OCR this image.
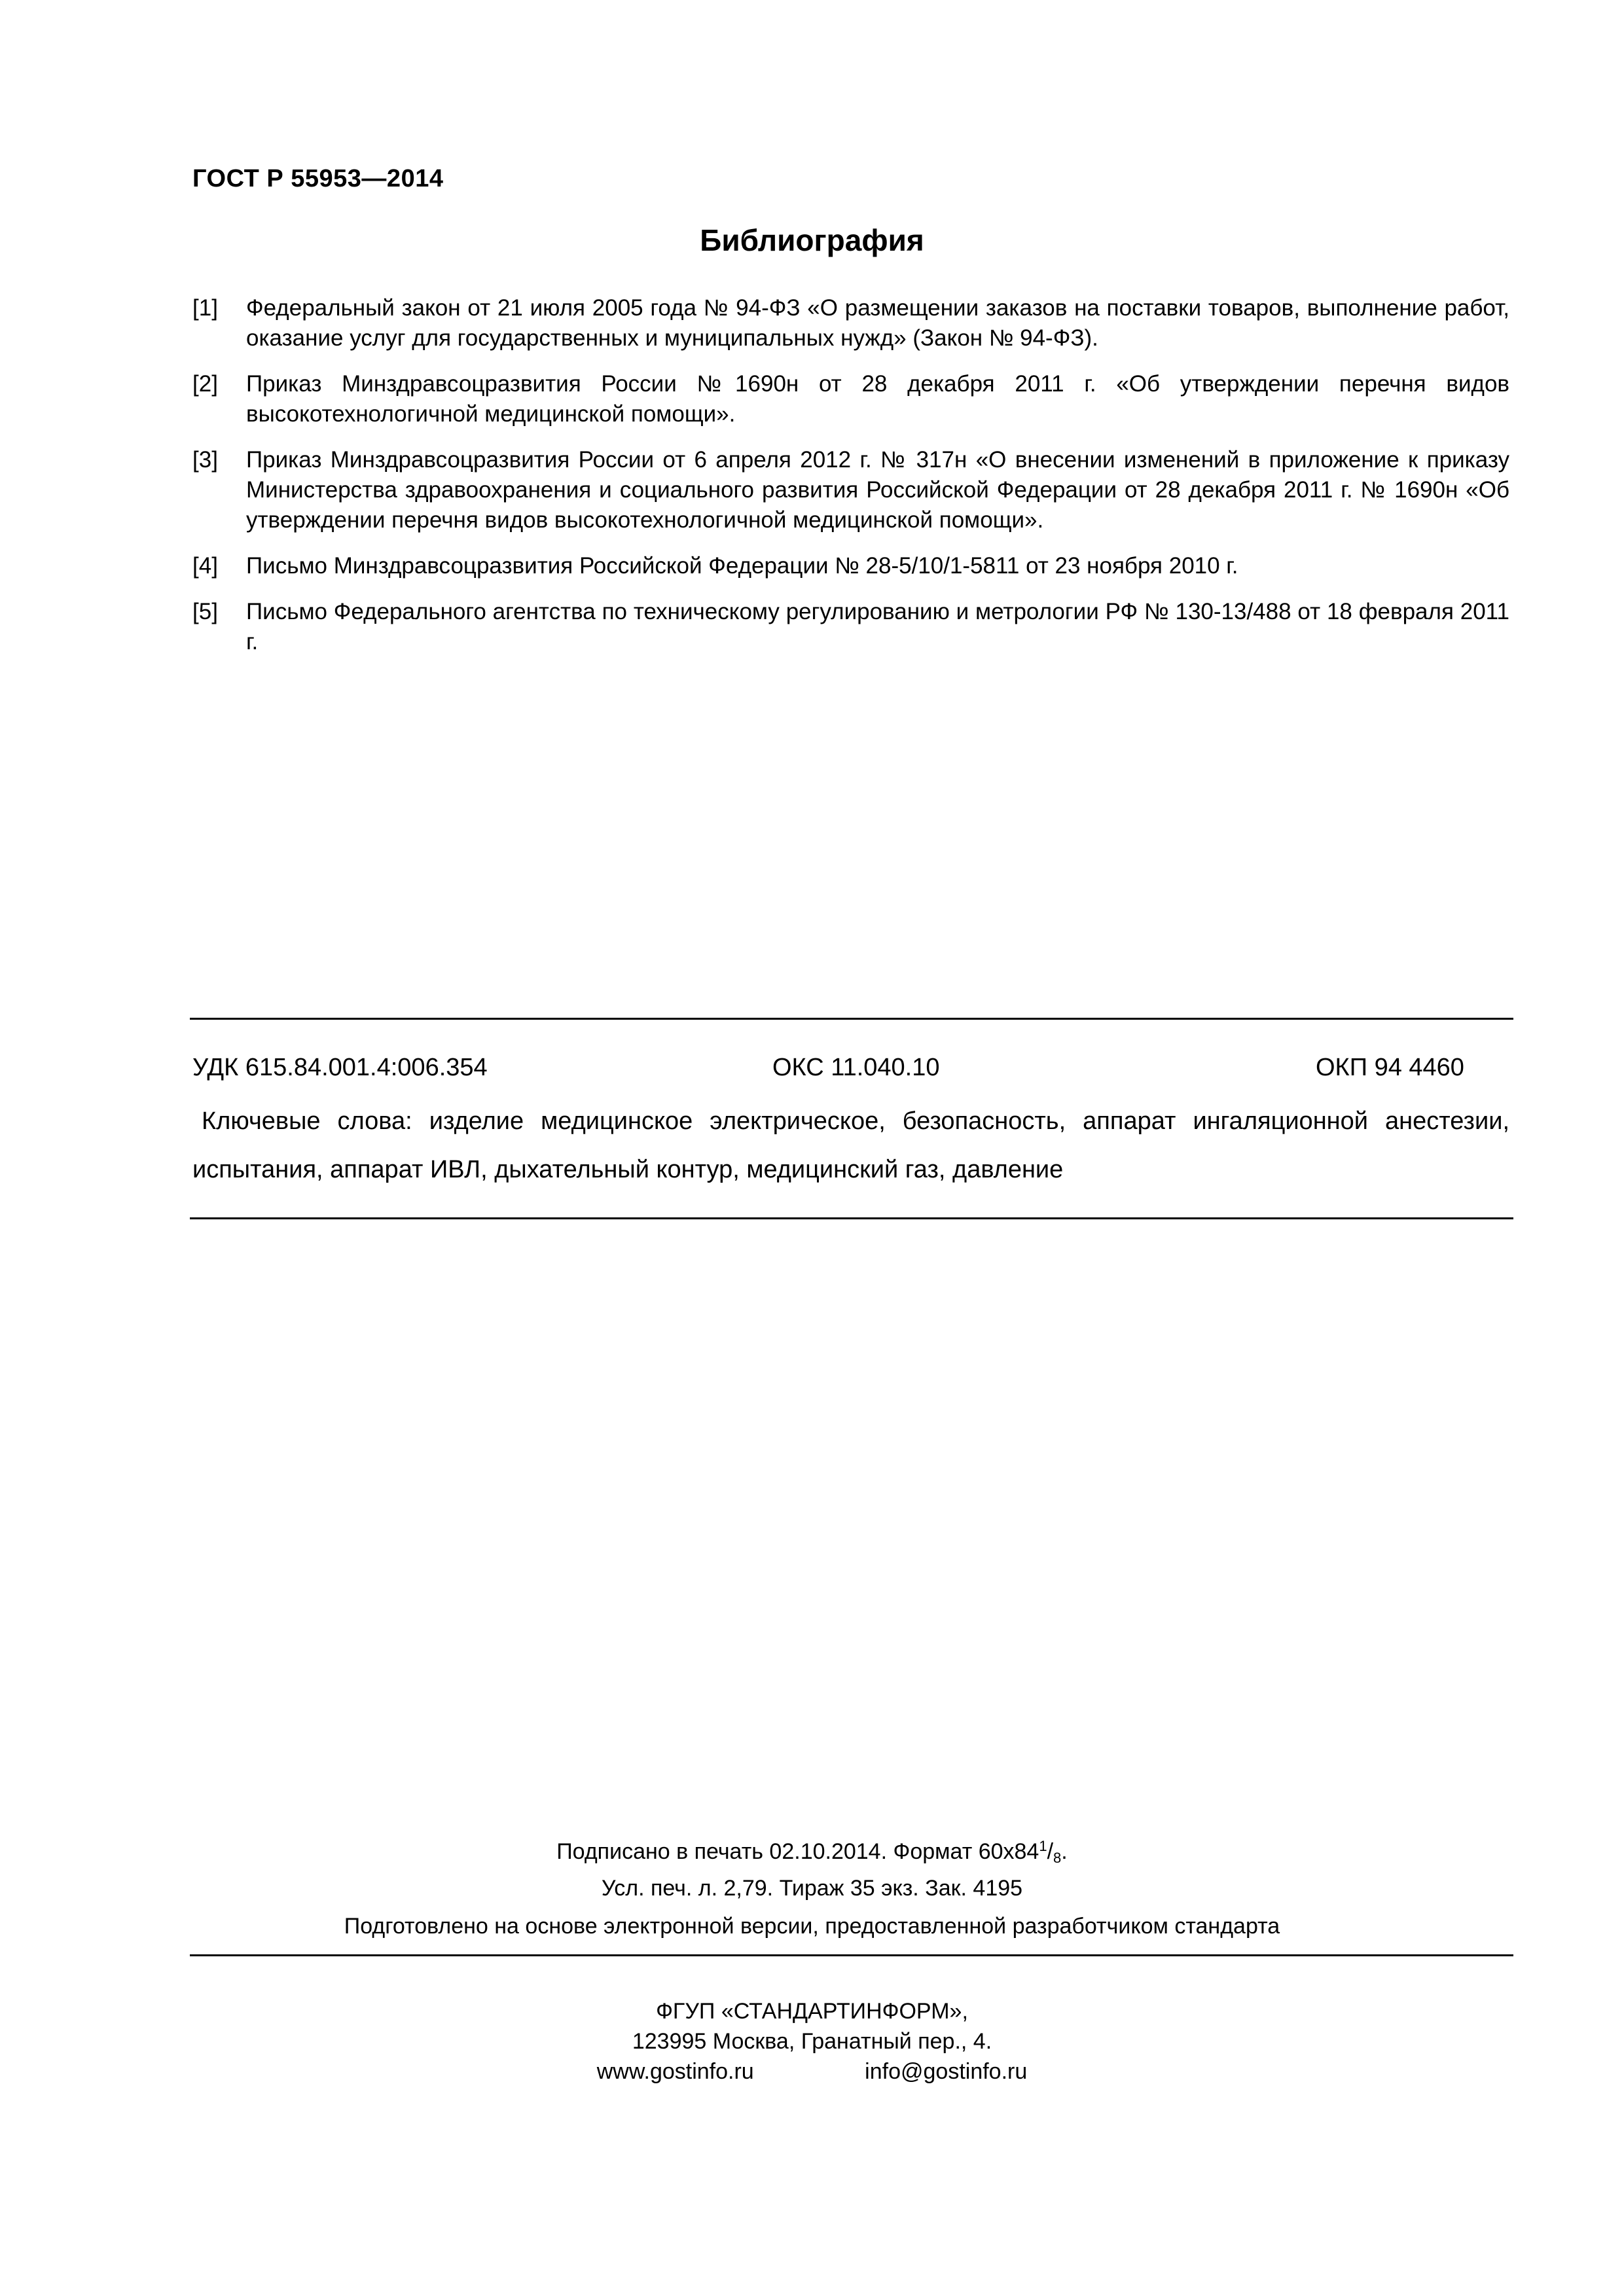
ГОСТ Р 55953—2014
Библиография
[1]	Федеральный закон от 21 июля 2005 года № 94-ФЗ «О размещении заказов на поставки товаров, выполнение работ, оказание услуг для государственных и муниципальных нужд» (Закон № 94-ФЗ).
[2]	Приказ Минздравсоцразвития России №1690н от 28 декабря 2011 г. «Об утверждении перечня видов высокотехнологичной медицинской помощи».
[3]	Приказ Минздравсоцразвития России от 6 апреля 2012 г. № 317н «О внесении изменений в приложение к приказу Министерства здравоохранения и социального развития Российской Федерации от 28 декабря 2011 г. № 1690н «Об утверждении перечня видов высокотехнологичной медицинской помощи».
[4]	Письмо Минздравсоцразвития Российской Федерации № 28-5/10/1-5811 от 23 ноября 2010 г.
[5]	Письмо Федерального агентства по техническому регулированию и метрологии РФ № 130-13/488 от 18 февраля 2011 г.
УДК 615.84.001.4:006.354	ОКС 11.040.10	ОКП 94 4460
Ключевые слова: изделие медицинское электрическое, безопасность, аппарат ингаляционной анестезии, испытания, аппарат ИВЛ, дыхательный контур, медицинский газ, давление
Подписано в печать 02.10.2014. Формат $60х84^1/_8$.
Усл. печ. л. 2,79. Тираж 35 экз. Зак. 4195
Подготовлено на основе электронной версии, предоставленной разработчиком стандарта
ФГУП «СТАНДАРТИНФОРМ»,
123995 Москва, Гранатный пер., 4.
www.gostinfo.ru	info@gostinfo.ru
